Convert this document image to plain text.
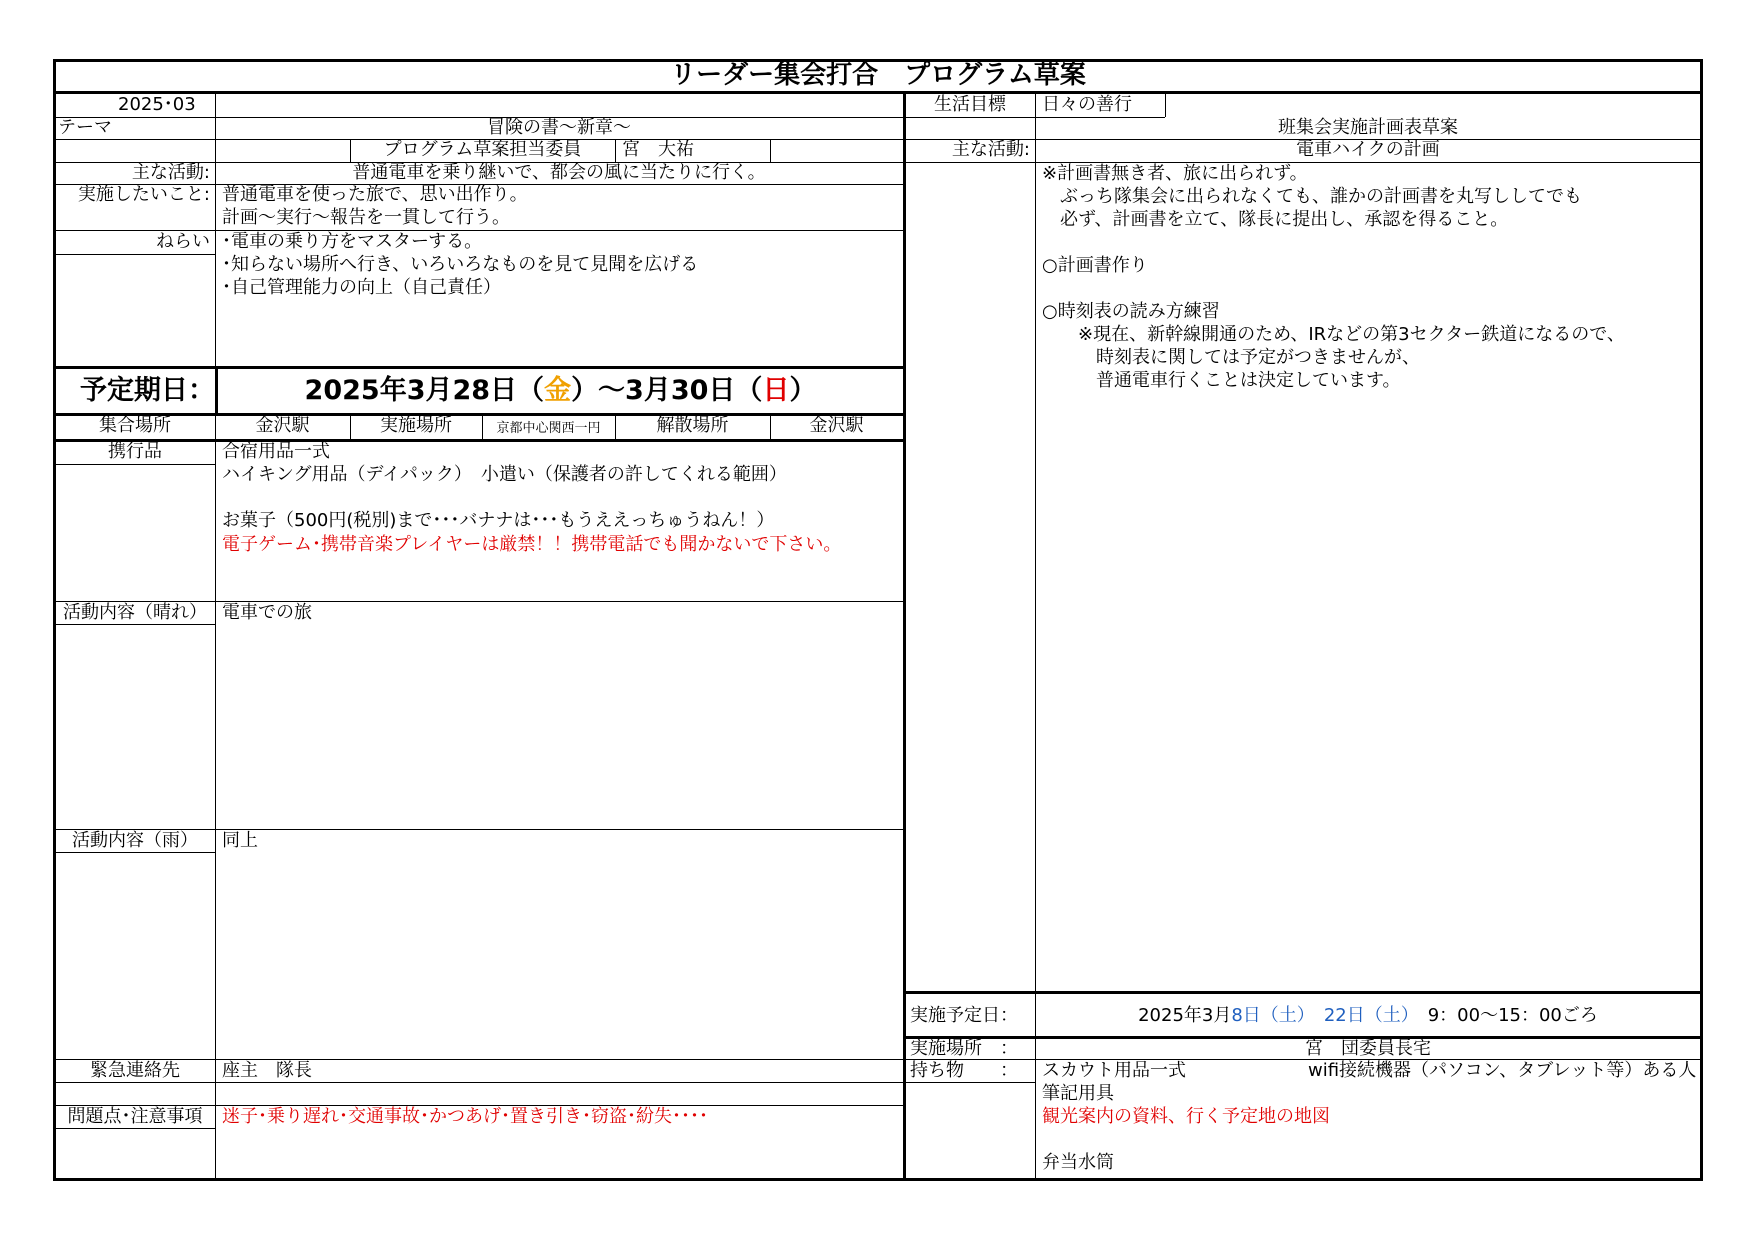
リーダー集会打合　プログラム草案
2025･03
テーマ	冒険の書～新章～
プログラム草案担当委員	宮　大祐
主な活動:	普通電車を乗り継いで、都会の風に当たりに行く。
実施したいこと: 普通電車を使った旅で、思い出作り。
計画～実行～報告を一貫して行う。
ねらい ･電車の乗り方をマスターする。
･知らない場所へ行き、いろいろなものを見て見聞を広げる
･自己管理能力の向上（自己責任）
予定期日：	2025年3月28日（金）～3月30日（日）
集合場所	金沢駅	実施場所	京都中心関西一円	解散場所	金沢駅
携行品	合宿用品一式
ハイキング用品（デイパック）　小遣い（保護者の許してくれる範囲）
お菓子（500円(税別)まで･･･バナナは･･･もうええっちゅうねん！）
電子ゲーム･携帯音楽プレイヤーは厳禁！！携帯電話でも聞かないで下さい。
活動内容（晴れ） 電車での旅
活動内容（雨）	同上
緊急連絡先	座主　隊長
問題点･注意事項	迷子･乗り遅れ･交通事故･かつあげ･置き引き･窃盗･紛失････
生活目標	日々の善行
班集会実施計画表草案
主な活動:	電車ハイクの計画
※計画書無き者、旅に出られず。
　ぶっち隊集会に出られなくても、誰かの計画書を丸写ししてでも
　必ず、計画書を立て、隊長に提出し、承認を得ること。
○計画書作り
○時刻表の読み方練習
　　※現在、新幹線開通のため、IRなどの第3セクター鉄道になるので、
　　　時刻表に関しては予定がつきませんが、
　　　普通電車行くことは決定しています。
実施予定日：	2025年3月8日（土）　 22日（土）　9：00～15：00ごろ
実施場所　：	宮　団委員長宅
持ち物　　： スカウト用品一式	wifi接続機器（パソコン、タブレット等）ある人
筆記用具
観光案内の資料、行く予定地の地図
弁当水筒
